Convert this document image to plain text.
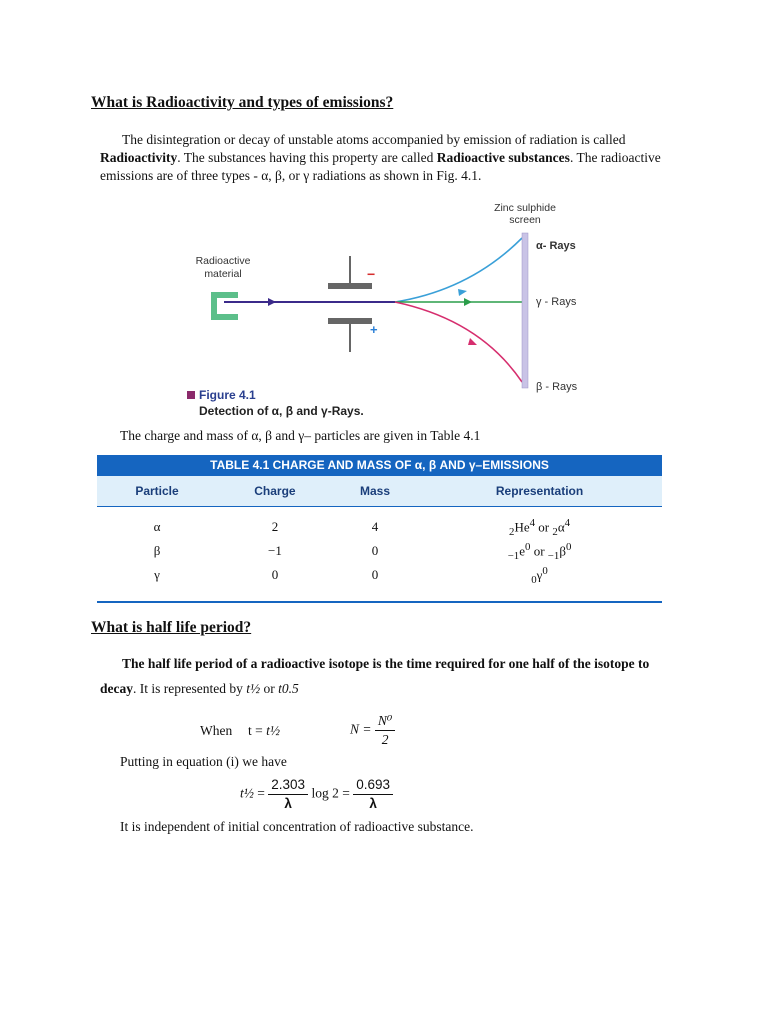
What is Radioactivity and types of emissions?
The disintegration or decay of unstable atoms accompanied by emission of radiation is called
Radioactivity. The substances having this property are called Radioactive substances. The radioactive
emissions are of three types - α, β, or γ radiations as shown in Fig. 4.1.
Zinc sulphide
screen
Radioactive
material	−
+
α- Rays
γ - Rays
β - Rays
Figure 4.1
Detection of α, β and γ-Rays.
The charge and mass of α, β and γ– particles are given in Table 4.1
TABLE 4.1 CHARGE AND MASS OF α, β AND γ–EMISSIONS
Particle	Charge	Mass	Representation

α	2	4	$_2He^4$ or $_2\alpha^4$
β	−1	0	$_{-1}e^0$ or $_{-1}\beta^0$
γ	0	0	$_0\gamma^0$

What is half life period?
The half life period of a radioactive isotope is the time required for one half of the isotope to
decay. It is represented by t½ or t0.5
When t = t½	$N = \frac{\text{N⁰}}{2}$
Putting in equation (i) we have
t½ = $\frac{2.303}{\lambda}$ $\log 2 = \frac{0.693}{\lambda}$
It is independent of initial concentration of radioactive substance.
